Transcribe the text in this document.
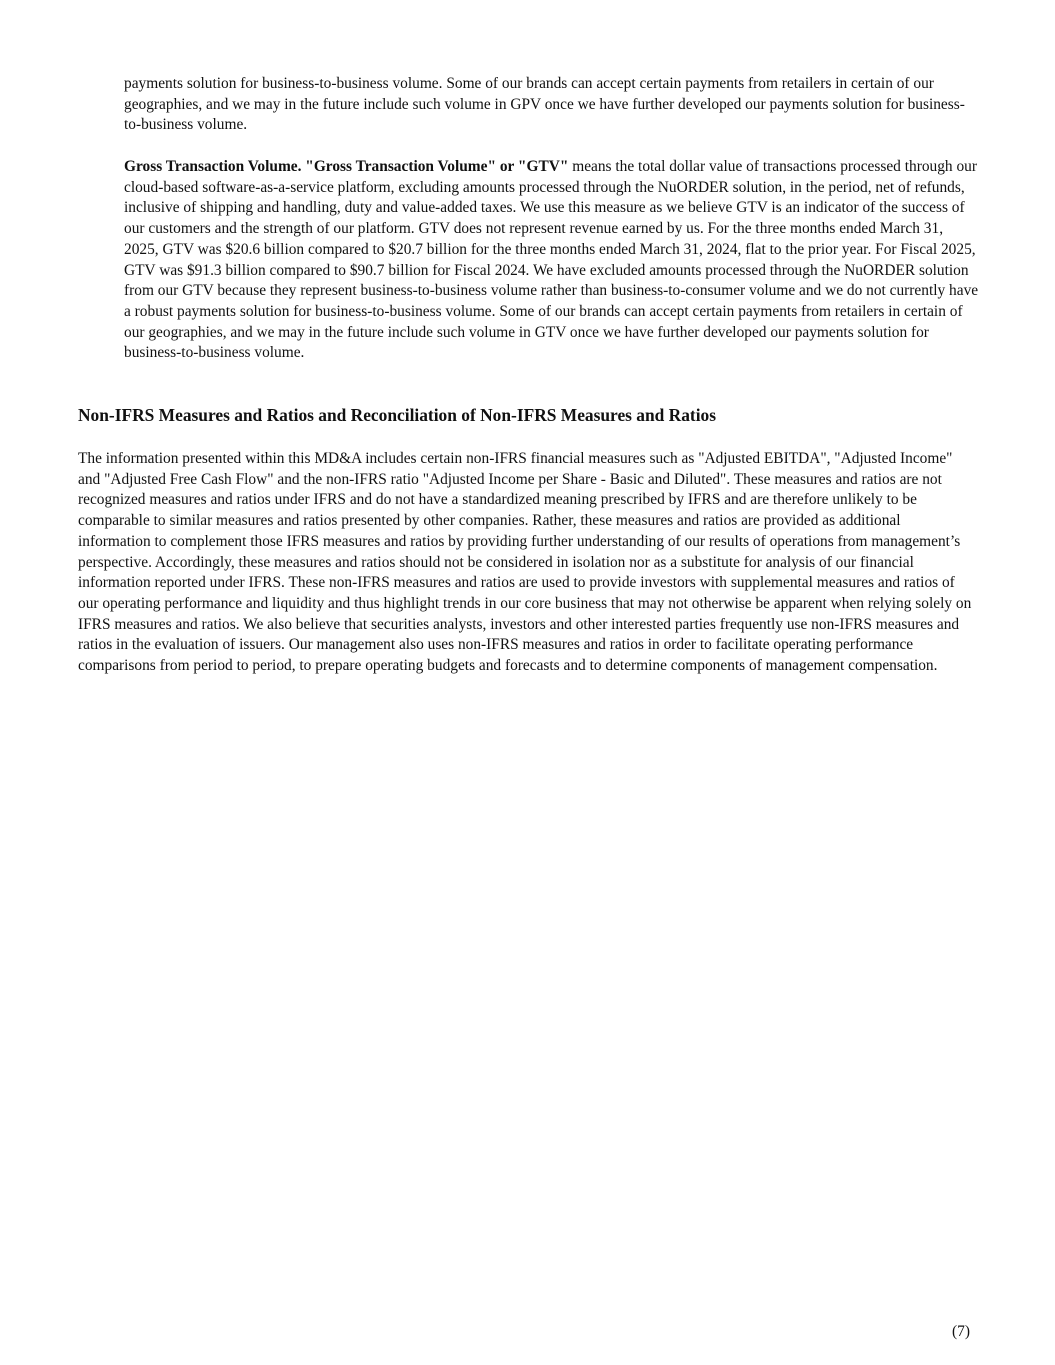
payments solution for business-to-business volume. Some of our brands can accept certain payments from retailers in certain of our geographies, and we may in the future include such volume in GPV once we have further developed our payments solution for business-to-business volume.

Gross Transaction Volume. "Gross Transaction Volume" or "GTV" means the total dollar value of transactions processed through our cloud-based software-as-a-service platform, excluding amounts processed through the NuORDER solution, in the period, net of refunds, inclusive of shipping and handling, duty and value-added taxes. We use this measure as we believe GTV is an indicator of the success of our customers and the strength of our platform. GTV does not represent revenue earned by us. For the three months ended March 31, 2025, GTV was $20.6 billion compared to $20.7 billion for the three months ended March 31, 2024, flat to the prior year. For Fiscal 2025, GTV was $91.3 billion compared to $90.7 billion for Fiscal 2024. We have excluded amounts processed through the NuORDER solution from our GTV because they represent business-to-business volume rather than business-to-consumer volume and we do not currently have a robust payments solution for business-to-business volume. Some of our brands can accept certain payments from retailers in certain of our geographies, and we may in the future include such volume in GTV once we have further developed our payments solution for business-to-business volume.

Non-IFRS Measures and Ratios and Reconciliation of Non-IFRS Measures and Ratios

The information presented within this MD&A includes certain non-IFRS financial measures such as "Adjusted EBITDA", "Adjusted Income" and "Adjusted Free Cash Flow" and the non-IFRS ratio "Adjusted Income per Share - Basic and Diluted". These measures and ratios are not recognized measures and ratios under IFRS and do not have a standardized meaning prescribed by IFRS and are therefore unlikely to be comparable to similar measures and ratios presented by other companies. Rather, these measures and ratios are provided as additional information to complement those IFRS measures and ratios by providing further understanding of our results of operations from management’s perspective. Accordingly, these measures and ratios should not be considered in isolation nor as a substitute for analysis of our financial information reported under IFRS. These non-IFRS measures and ratios are used to provide investors with supplemental measures and ratios of our operating performance and liquidity and thus highlight trends in our core business that may not otherwise be apparent when relying solely on IFRS measures and ratios. We also believe that securities analysts, investors and other interested parties frequently use non-IFRS measures and ratios in the evaluation of issuers. Our management also uses non-IFRS measures and ratios in order to facilitate operating performance comparisons from period to period, to prepare operating budgets and forecasts and to determine components of management compensation.

(7)
